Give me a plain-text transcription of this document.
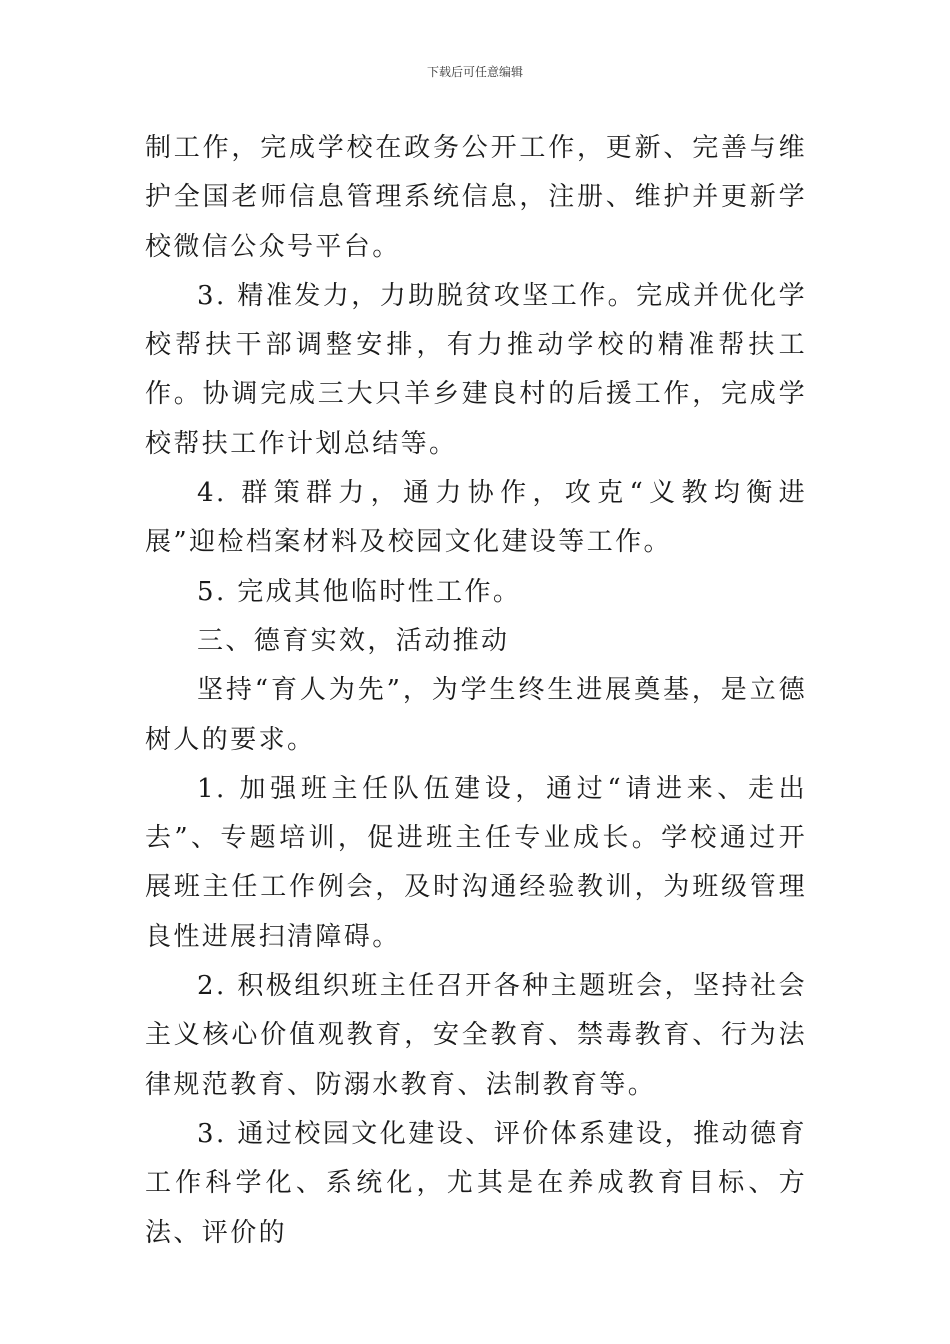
下载后可任意编辑

制工作，完成学校在政务公开工作，更新、完善与维护全国老师信息管理系统信息，注册、维护并更新学校微信公众号平台。

3. 精准发力，力助脱贫攻坚工作。完成并优化学校帮扶干部调整安排，有力推动学校的精准帮扶工作。协调完成三大只羊乡建良村的后援工作，完成学校帮扶工作计划总结等。

4. 群策群力，通力协作，攻克“义教均衡进展”迎检档案材料及校园文化建设等工作。

5. 完成其他临时性工作。

三、德育实效，活动推动

坚持“育人为先”，为学生终生进展奠基，是立德树人的要求。

1. 加强班主任队伍建设，通过“请进来、走出去”、专题培训，促进班主任专业成长。学校通过开展班主任工作例会，及时沟通经验教训，为班级管理良性进展扫清障碍。

2. 积极组织班主任召开各种主题班会，坚持社会主义核心价值观教育，安全教育、禁毒教育、行为法律规范教育、防溺水教育、法制教育等。

3. 通过校园文化建设、评价体系建设，推动德育工作科学化、系统化，尤其是在养成教育目标、方法、评价的
